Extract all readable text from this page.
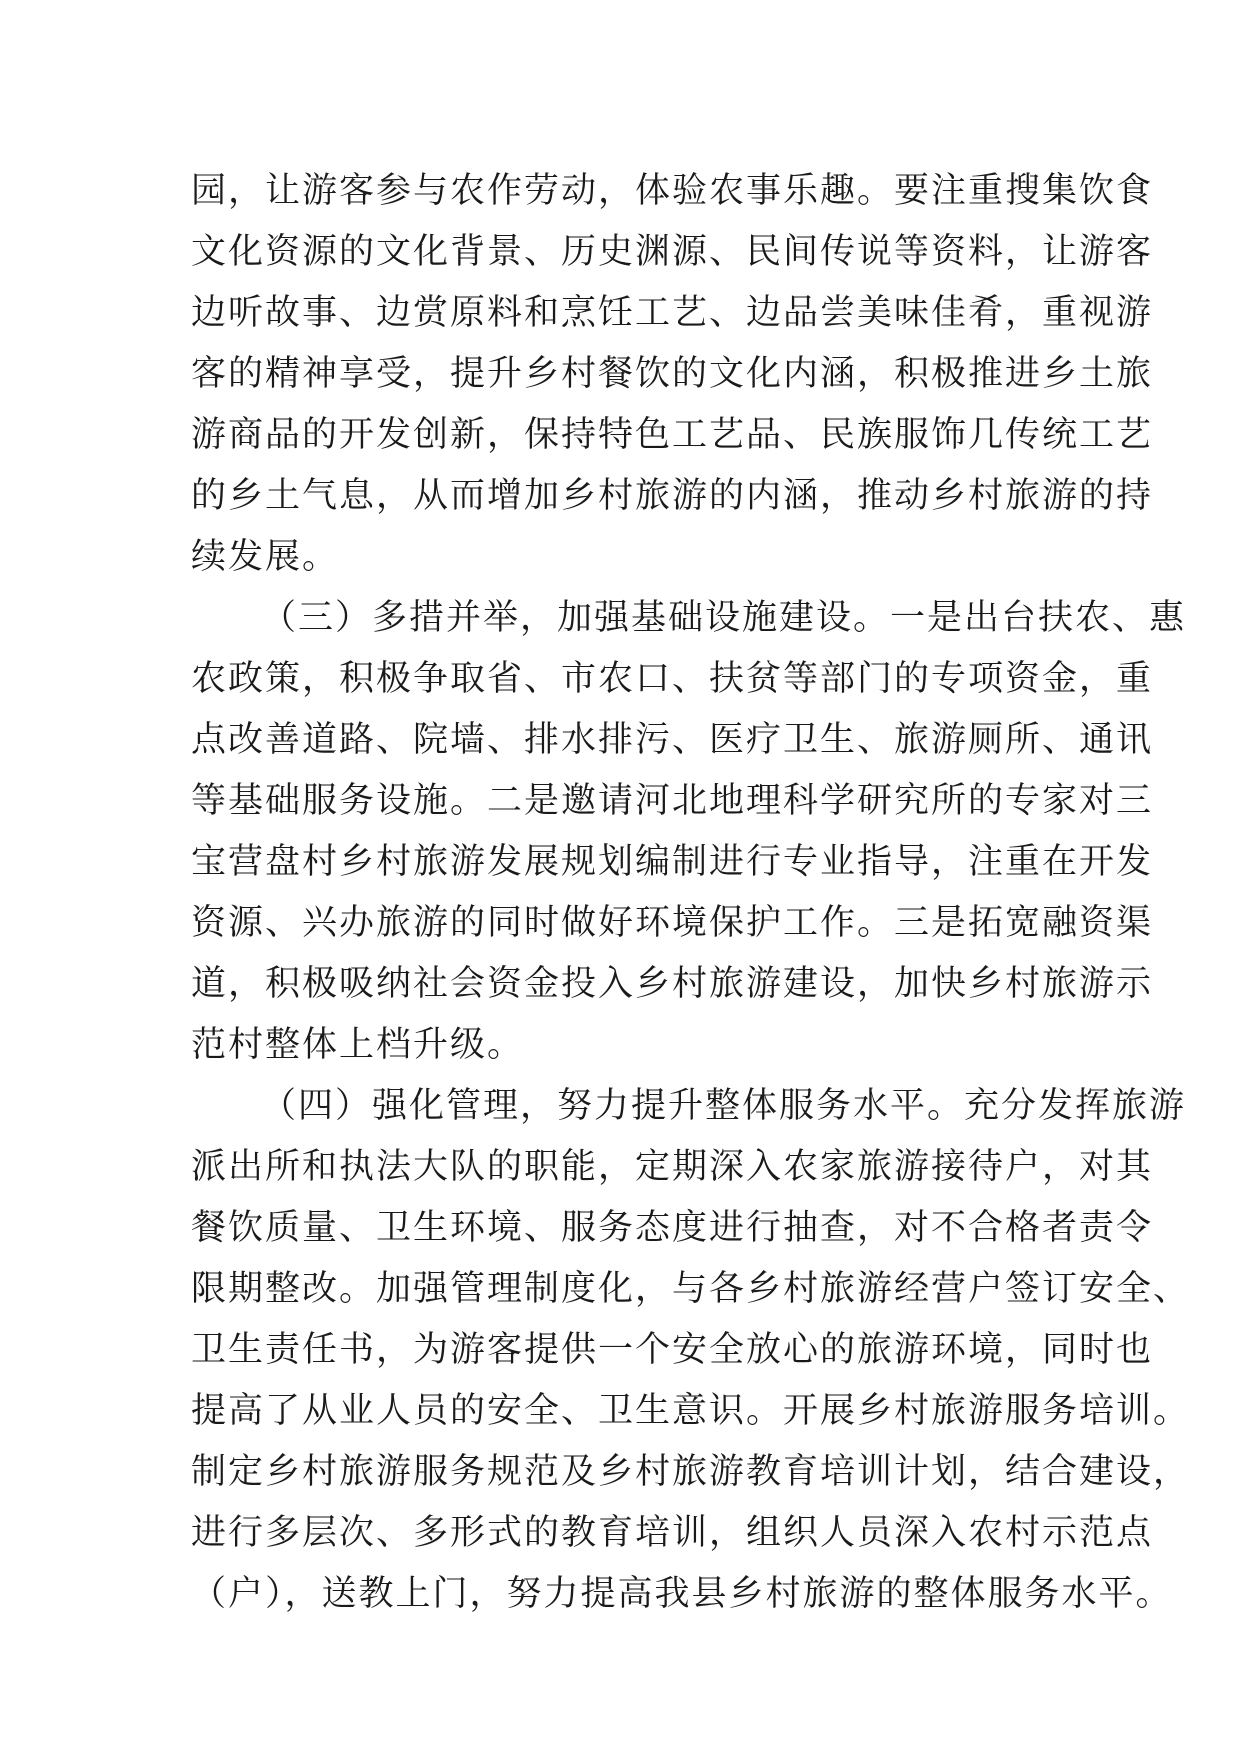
园，让游客参与农作劳动，体验农事乐趣。要注重搜集饮食
文化资源的文化背景、历史渊源、民间传说等资料，让游客
边听故事、边赏原料和烹饪工艺、边品尝美味佳肴，重视游
客的精神享受，提升乡村餐饮的文化内涵，积极推进乡土旅
游商品的开发创新，保持特色工艺品、民族服饰几传统工艺
的乡土气息，从而增加乡村旅游的内涵，推动乡村旅游的持
续发展。
（三）多措并举，加强基础设施建设。一是出台扶农、惠
农政策，积极争取省、市农口、扶贫等部门的专项资金，重
点改善道路、院墙、排水排污、医疗卫生、旅游厕所、通讯
等基础服务设施。二是邀请河北地理科学研究所的专家对三
宝营盘村乡村旅游发展规划编制进行专业指导，注重在开发
资源、兴办旅游的同时做好环境保护工作。三是拓宽融资渠
道，积极吸纳社会资金投入乡村旅游建设，加快乡村旅游示
范村整体上档升级。
（四）强化管理，努力提升整体服务水平。充分发挥旅游
派出所和执法大队的职能，定期深入农家旅游接待户，对其
餐饮质量、卫生环境、服务态度进行抽查，对不合格者责令
限期整改。加强管理制度化，与各乡村旅游经营户签订安全、
卫生责任书，为游客提供一个安全放心的旅游环境，同时也
提高了从业人员的安全、卫生意识。开展乡村旅游服务培训。
制定乡村旅游服务规范及乡村旅游教育培训计划，结合建设，
进行多层次、多形式的教育培训，组织人员深入农村示范点
（户），送教上门，努力提高我县乡村旅游的整体服务水平。
